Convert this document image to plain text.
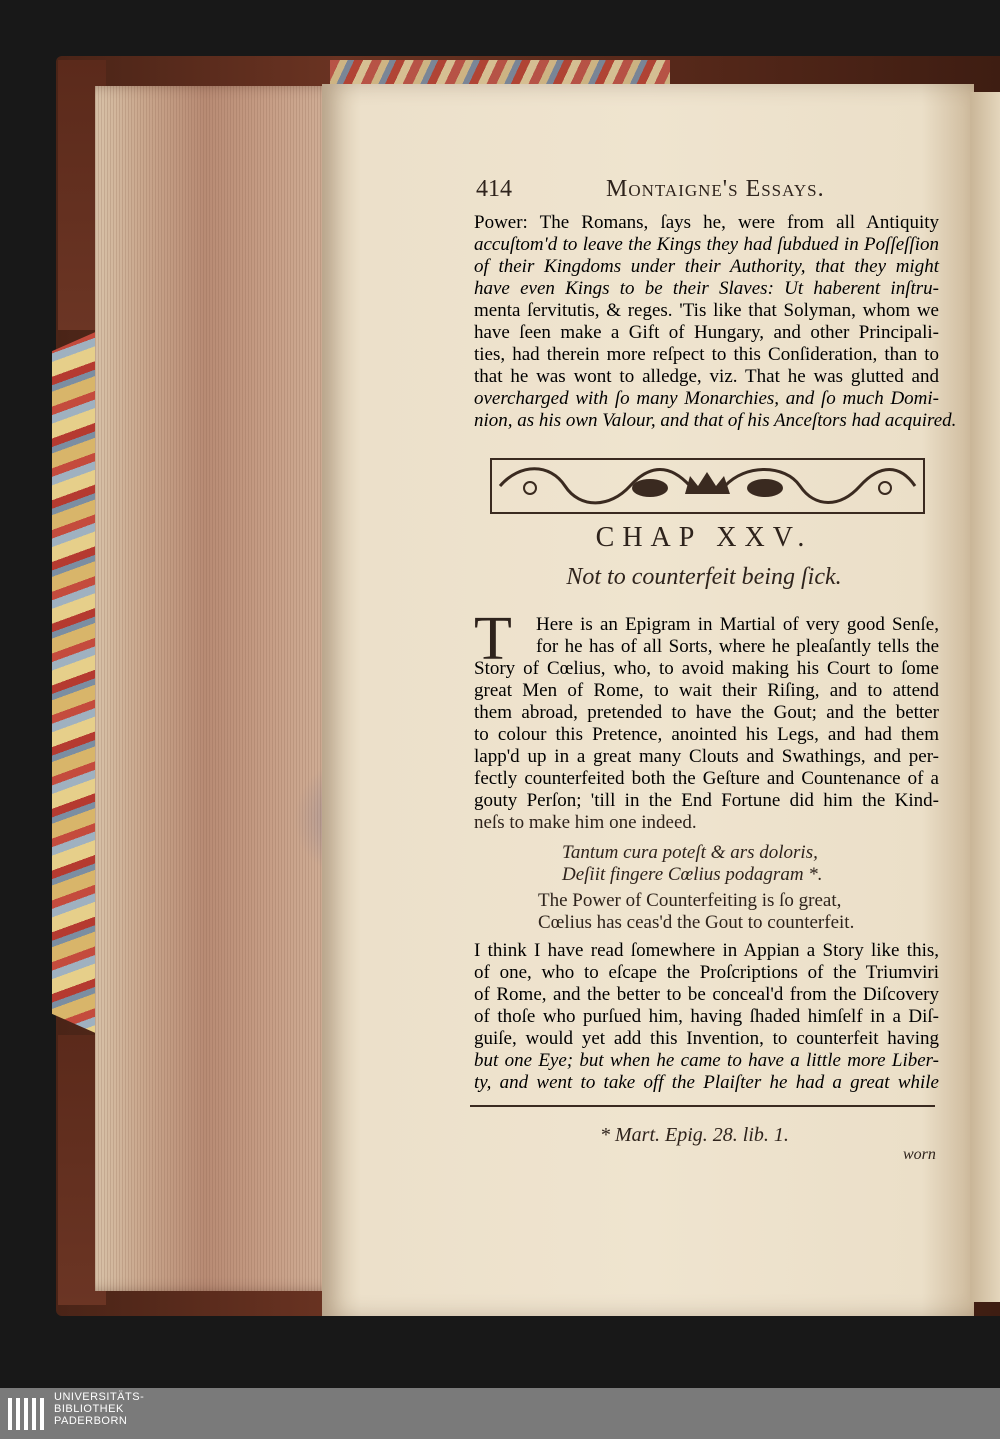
414	Montaigne's Essays.
Power: The Romans, ſays he, were from all Antiquity
accuſtom'd to leave the Kings they had ſubdued in Poſſeſſion
of their Kingdoms under their Authority, that they might
have even Kings to be their Slaves: Ut haberent inſtru-
menta ſervitutis, & reges. 'Tis like that Solyman, whom we
have ſeen make a Gift of Hungary, and other Principali-
ties, had therein more reſpect to this Conſideration, than to
that he was wont to alledge, viz. That he was glutted and
overcharged with ſo many Monarchies, and ſo much Domi-
nion, as his own Valour, and that of his Anceſtors had acquired.
CHAP XXV.
Not to counterfeit being ſick.
T Here is an Epigram in Martial of very good Senſe,
for he has of all Sorts, where he pleaſantly tells the
Story of Cœlius, who, to avoid making his Court to ſome
great Men of Rome, to wait their Riſing, and to attend
them abroad, pretended to have the Gout; and the better
to colour this Pretence, anointed his Legs, and had them
lapp'd up in a great many Clouts and Swathings, and per-
fectly counterfeited both the Geſture and Countenance of a
gouty Perſon; 'till in the End Fortune did him the Kind-
neſs to make him one indeed.
Tantum cura poteſt & ars doloris,
Deſiit fingere Cœlius podagram *.
The Power of Counterfeiting is ſo great,
Cœlius has ceas'd the Gout to counterfeit.
I think I have read ſomewhere in Appian a Story like this,
of one, who to eſcape the Proſcriptions of the Triumviri
of Rome, and the better to be conceal'd from the Diſcovery
of thoſe who purſued him, having ſhaded himſelf in a Diſ-
guiſe, would yet add this Invention, to counterfeit having
but one Eye; but when he came to have a little more Liber-
ty, and went to take off the Plaiſter he had a great while
* Mart. Epig. 28. lib. 1.
worn
UNIVERSITÄTS-
BIBLIOTHEK
PADERBORN
